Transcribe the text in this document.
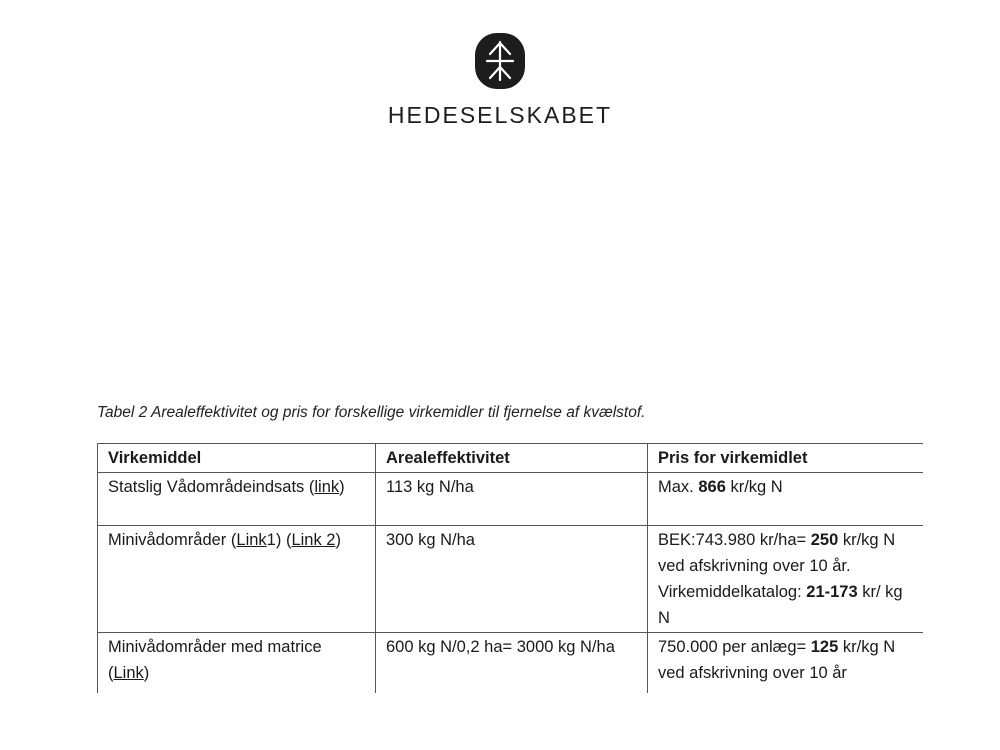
HEDESELSKABET
Tabel 2 Arealeffektivitet og pris for forskellige virkemidler til fjernelse af kvælstof.
Virkemiddel	Arealeffektivitet	Pris for virkemidlet
Statslig Vådområdeindsats (link)	113 kg N/ha	Max. 866 kr/kg N
Minivådområder (Link1) (Link 2)	300 kg N/ha	BEK:743.980 kr/ha= 250 kr/kg N ved afskrivning over 10 år.
Virkemiddelkatalog: 21-173 kr/ kg N
Minivådområder med matrice (Link)	600 kg N/0,2 ha= 3000 kg N/ha	750.000 per anlæg= 125 kr/kg N ved afskrivning over 10 år
